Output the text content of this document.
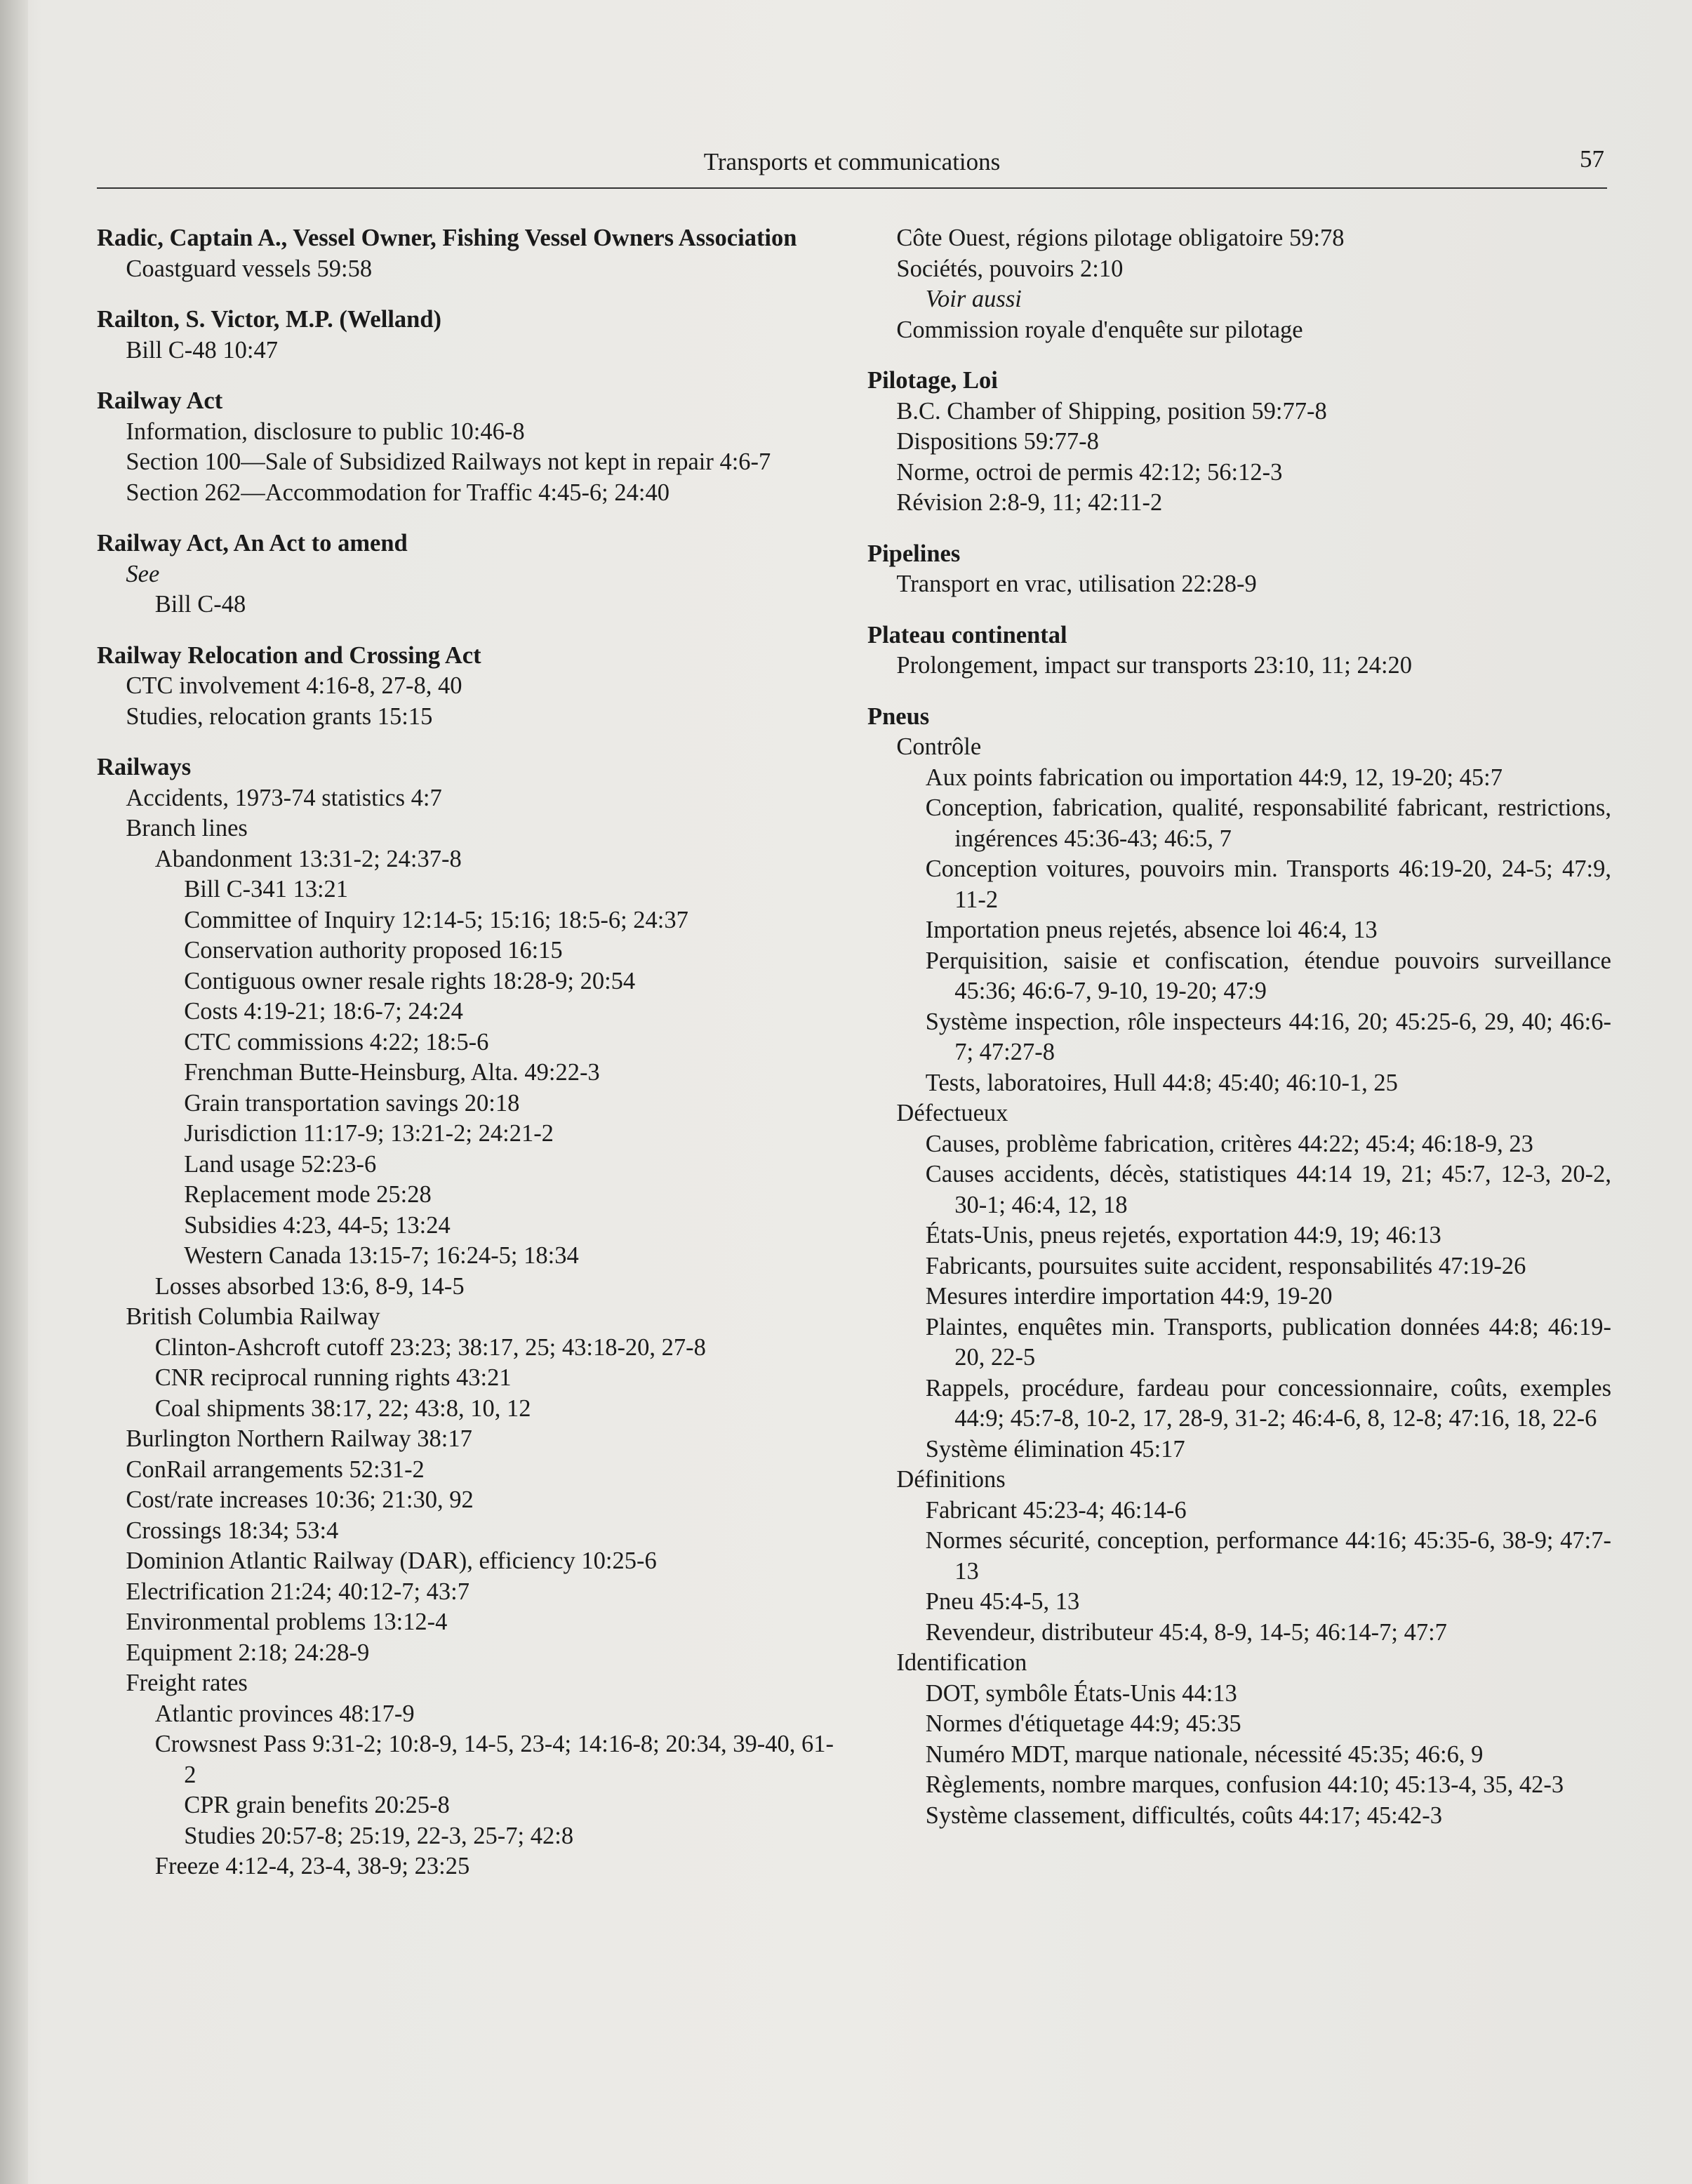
Transports et communications	57
Radic, Captain A., Vessel Owner, Fishing Vessel Owners Association
Coastguard vessels 59:58
Railton, S. Victor, M.P. (Welland)
Bill C-48 10:47
Railway Act
Information, disclosure to public 10:46-8
Section 100—Sale of Subsidized Railways not kept in repair 4:6-7
Section 262—Accommodation for Traffic 4:45-6; 24:40
Railway Act, An Act to amend
See
Bill C-48
Railway Relocation and Crossing Act
CTC involvement 4:16-8, 27-8, 40
Studies, relocation grants 15:15
Railways
Accidents, 1973-74 statistics 4:7
Branch lines
Abandonment 13:31-2; 24:37-8
Bill C-341 13:21
Committee of Inquiry 12:14-5; 15:16; 18:5-6; 24:37
Conservation authority proposed 16:15
Contiguous owner resale rights 18:28-9; 20:54
Costs 4:19-21; 18:6-7; 24:24
CTC commissions 4:22; 18:5-6
Frenchman Butte-Heinsburg, Alta. 49:22-3
Grain transportation savings 20:18
Jurisdiction 11:17-9; 13:21-2; 24:21-2
Land usage 52:23-6
Replacement mode 25:28
Subsidies 4:23, 44-5; 13:24
Western Canada 13:15-7; 16:24-5; 18:34
Losses absorbed 13:6, 8-9, 14-5
British Columbia Railway
Clinton-Ashcroft cutoff 23:23; 38:17, 25; 43:18-20, 27-8
CNR reciprocal running rights 43:21
Coal shipments 38:17, 22; 43:8, 10, 12
Burlington Northern Railway 38:17
ConRail arrangements 52:31-2
Cost/rate increases 10:36; 21:30, 92
Crossings 18:34; 53:4
Dominion Atlantic Railway (DAR), efficiency 10:25-6
Electrification 21:24; 40:12-7; 43:7
Environmental problems 13:12-4
Equipment 2:18; 24:28-9
Freight rates
Atlantic provinces 48:17-9
Crowsnest Pass 9:31-2; 10:8-9, 14-5, 23-4; 14:16-8; 20:34, 39-40, 61-2
CPR grain benefits 20:25-8
Studies 20:57-8; 25:19, 22-3, 25-7; 42:8
Freeze 4:12-4, 23-4, 38-9; 23:25
Côte Ouest, régions pilotage obligatoire 59:78
Sociétés, pouvoirs 2:10
Voir aussi
Commission royale d'enquête sur pilotage
Pilotage, Loi
B.C. Chamber of Shipping, position 59:77-8
Dispositions 59:77-8
Norme, octroi de permis 42:12; 56:12-3
Révision 2:8-9, 11; 42:11-2
Pipelines
Transport en vrac, utilisation 22:28-9
Plateau continental
Prolongement, impact sur transports 23:10, 11; 24:20
Pneus
Contrôle
Aux points fabrication ou importation 44:9, 12, 19-20; 45:7
Conception, fabrication, qualité, responsabilité fabricant, restrictions, ingérences 45:36-43; 46:5, 7
Conception voitures, pouvoirs min. Transports 46:19-20, 24-5; 47:9, 11-2
Importation pneus rejetés, absence loi 46:4, 13
Perquisition, saisie et confiscation, étendue pouvoirs surveillance 45:36; 46:6-7, 9-10, 19-20; 47:9
Système inspection, rôle inspecteurs 44:16, 20; 45:25-6, 29, 40; 46:6-7; 47:27-8
Tests, laboratoires, Hull 44:8; 45:40; 46:10-1, 25
Défectueux
Causes, problème fabrication, critères 44:22; 45:4; 46:18-9, 23
Causes accidents, décès, statistiques 44:14 19, 21; 45:7, 12-3, 20-2, 30-1; 46:4, 12, 18
États-Unis, pneus rejetés, exportation 44:9, 19; 46:13
Fabricants, poursuites suite accident, responsabilités 47:19-26
Mesures interdire importation 44:9, 19-20
Plaintes, enquêtes min. Transports, publication données 44:8; 46:19-20, 22-5
Rappels, procédure, fardeau pour concessionnaire, coûts, exemples 44:9; 45:7-8, 10-2, 17, 28-9, 31-2; 46:4-6, 8, 12-8; 47:16, 18, 22-6
Système élimination 45:17
Définitions
Fabricant 45:23-4; 46:14-6
Normes sécurité, conception, performance 44:16; 45:35-6, 38-9; 47:7-13
Pneu 45:4-5, 13
Revendeur, distributeur 45:4, 8-9, 14-5; 46:14-7; 47:7
Identification
DOT, symbôle États-Unis 44:13
Normes d'étiquetage 44:9; 45:35
Numéro MDT, marque nationale, nécessité 45:35; 46:6, 9
Règlements, nombre marques, confusion 44:10; 45:13-4, 35, 42-3
Système classement, difficultés, coûts 44:17; 45:42-3
